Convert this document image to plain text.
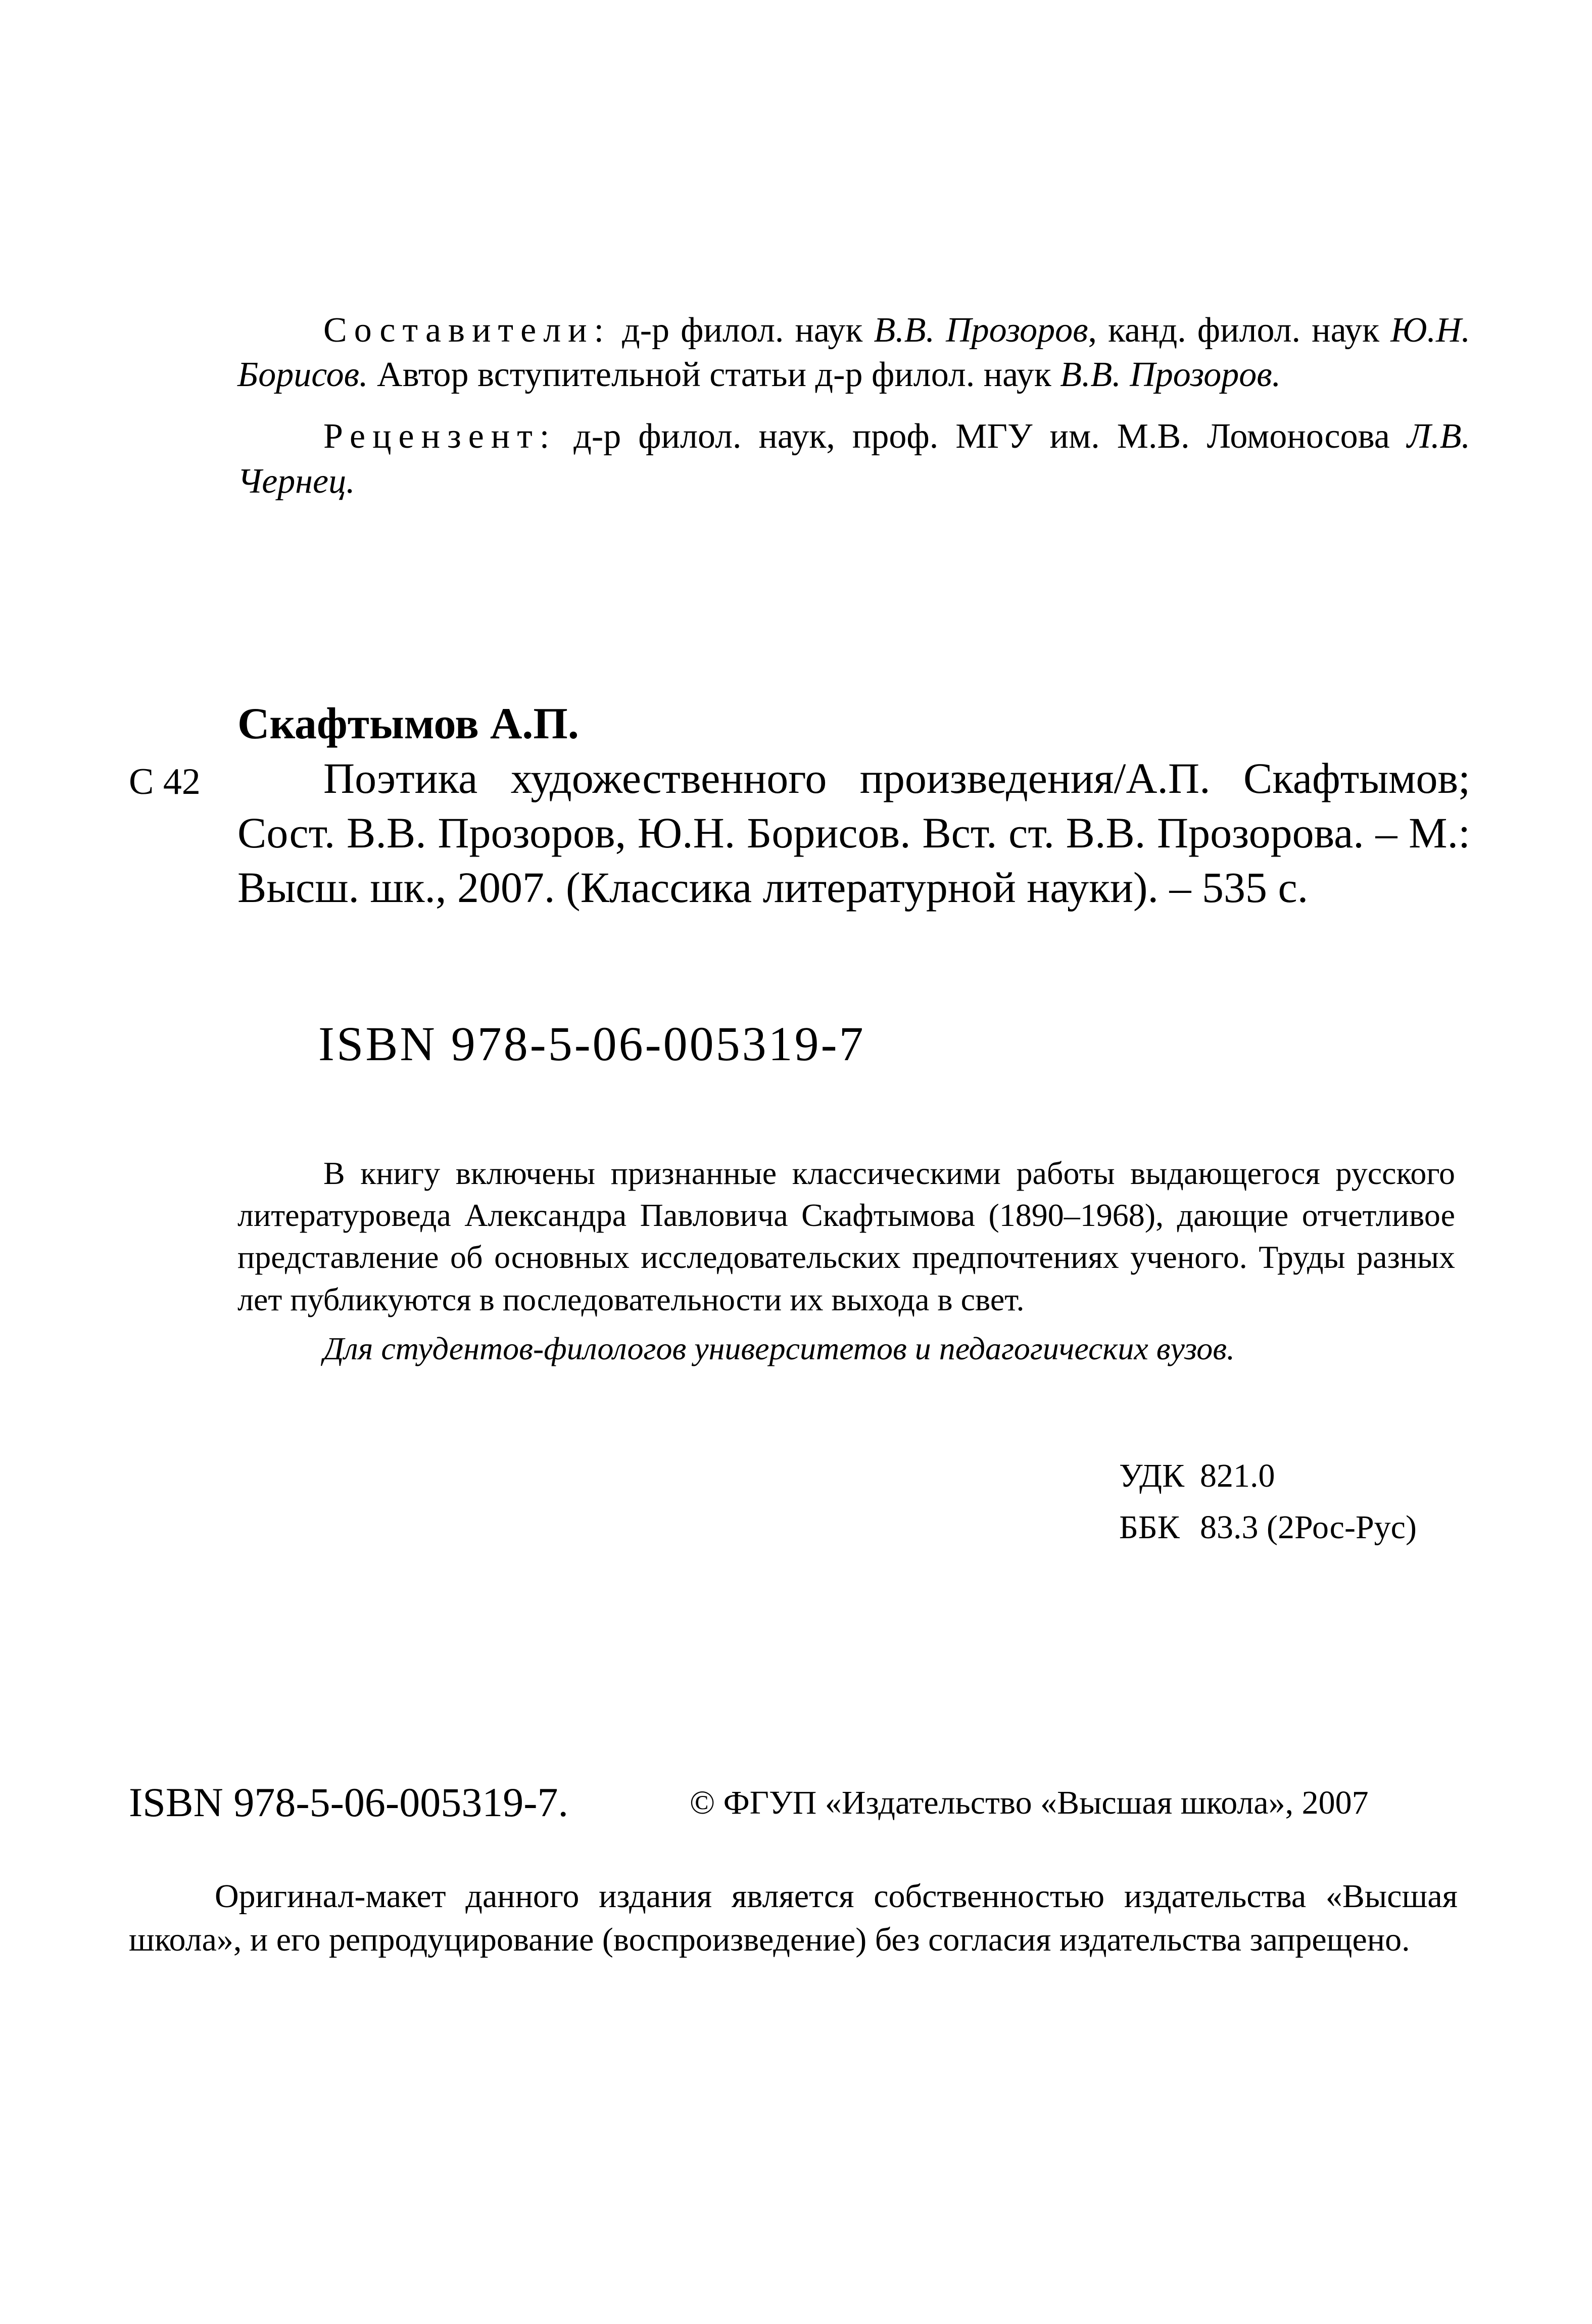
Составители: д-р филол. наук В.В. Прозоров, канд. филол. наук Ю.Н. Борисов. Автор вступительной статьи д-р филол. наук В.В. Прозоров.

Рецензент: д-р филол. наук, проф. МГУ им. М.В. Ломоносова Л.В. Чернец.

С 42

Скафтымов А.П.

Поэтика художественного произведения/А.П. Скафтымов; Сост. В.В. Прозоров, Ю.Н. Борисов. Вст. ст. В.В. Прозорова. – М.: Высш. шк., 2007. (Классика литературной науки). – 535 с.

ISBN 978-5-06-005319-7

В книгу включены признанные классическими работы выдающегося русского литературоведа Александра Павловича Скафтымова (1890–1968), дающие отчетливое представление об основных исследовательских предпочтениях ученого. Труды разных лет публикуются в последовательности их выхода в свет.

Для студентов-филологов университетов и педагогических вузов.

УДК 821.0
ББК 83.3 (2Рос-Рус)
ISBN 978-5-06-005319-7.	© ФГУП «Издательство «Высшая школа», 2007

Оригинал-макет данного издания является собственностью издательства «Высшая школа», и его репродуцирование (воспроизведение) без согласия издательства запрещено.
